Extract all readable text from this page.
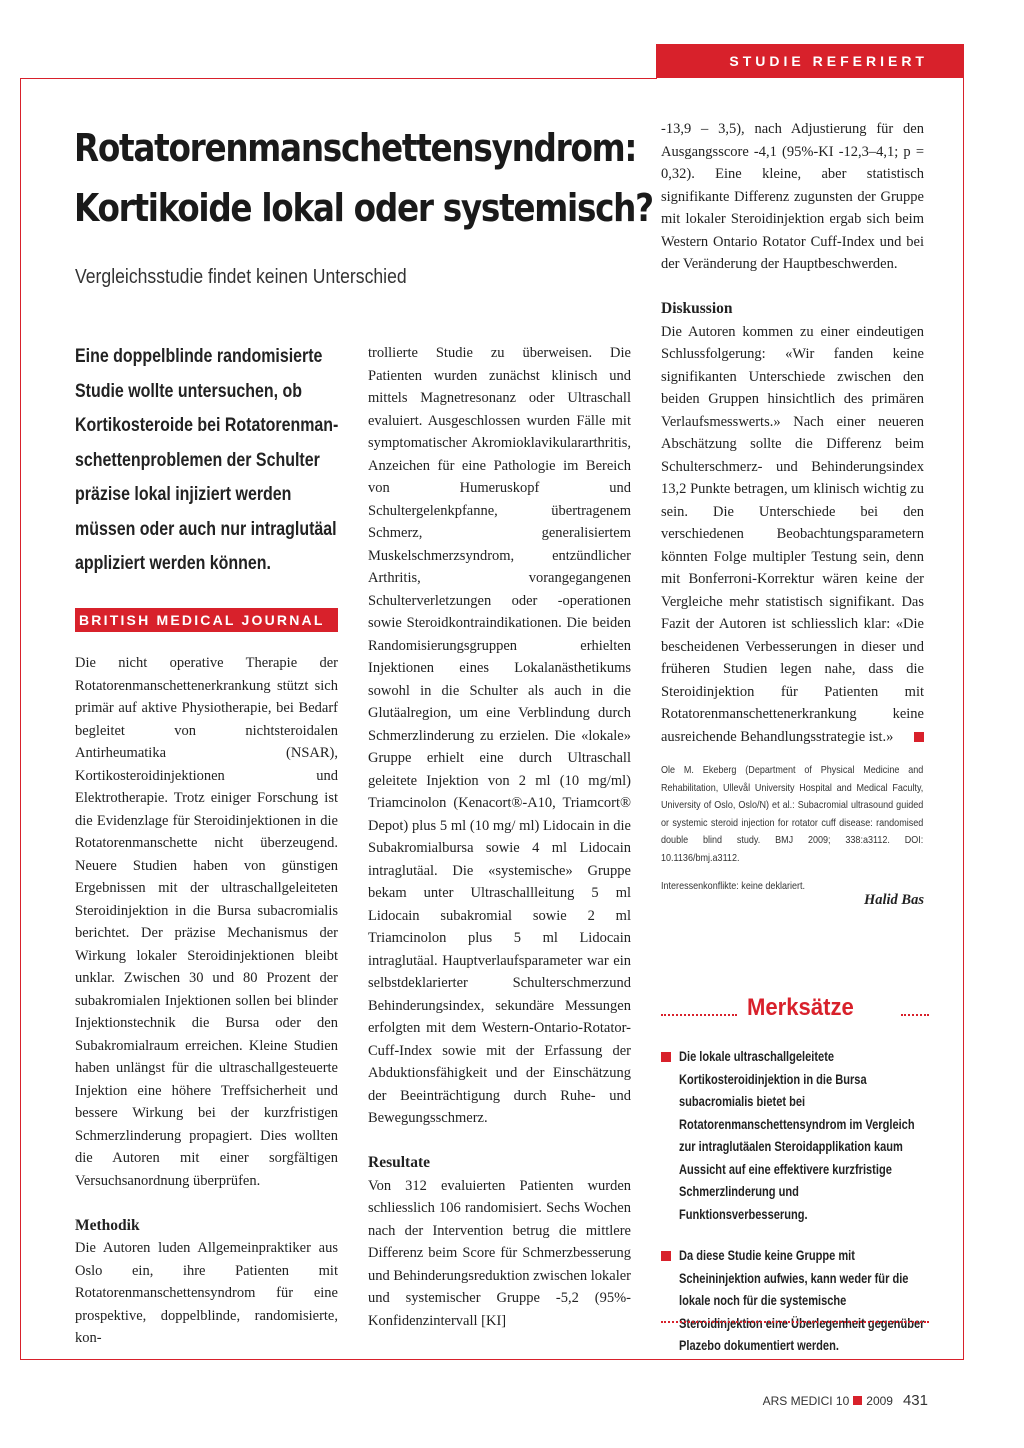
STUDIE REFERIERT
Rotatorenmanschettensyndrom:
Kortikoide lokal oder systemisch?

Vergleichsstudie findet keinen Unterschied

Eine doppelblinde randomisierte
Studie wollte untersuchen, ob
Kortikosteroide bei Rotatorenman-
schettenproblemen der Schulter
präzise lokal injiziert werden
müssen oder auch nur intraglutäal
appliziert werden können.
BRITISH MEDICAL JOURNAL

Die nicht operative Therapie der Rotatorenmanschettenerkrankung stützt sich primär auf aktive Physiotherapie, bei Bedarf begleitet von nichtsteroidalen Antirheumatika (NSAR), Kortikosteroidinjektionen und Elektrotherapie. Trotz einiger Forschung ist die Evidenzlage für Steroidinjektionen in die Rotatorenmanschette nicht überzeugend. Neuere Studien haben von günstigen Ergebnissen mit der ultraschallgeleiteten Steroidinjektion in die Bursa subacromialis berichtet. Der präzise Mechanismus der Wirkung lokaler Steroidinjektionen bleibt unklar. Zwischen 30 und 80 Prozent der subakromialen Injektionen sollen bei blinder Injektionstechnik die Bursa oder den Subakromialraum erreichen. Kleine Studien haben unlängst für die ultraschallgesteuerte Injektion eine höhere Treffsicherheit und bessere Wirkung bei der kurzfristigen Schmerzlinderung propagiert. Dies wollten die Autoren mit einer sorgfältigen Versuchsanordnung überprüfen.

Methodik

Die Autoren luden Allgemeinpraktiker aus Oslo ein, ihre Patienten mit Rotatorenmanschettensyndrom für eine prospektive, doppelblinde, randomisierte, kon-

trollierte Studie zu überweisen. Die Patienten wurden zunächst klinisch und mittels Magnetresonanz oder Ultraschall evaluiert. Ausgeschlossen wurden Fälle mit symptomatischer Akromioklavikulararthritis, Anzeichen für eine Pathologie im Bereich von Humeruskopf und Schultergelenkpfanne, übertragenem Schmerz, generalisiertem Muskelschmerzsyndrom, entzündlicher Arthritis, vorangegangenen Schulterverletzungen oder -operationen sowie Steroidkontraindikationen. Die beiden Randomisierungsgruppen erhielten Injektionen eines Lokalanästhetikums sowohl in die Schulter als auch in die Glutäalregion, um eine Verblindung durch Schmerzlinderung zu erzielen. Die «lokale» Gruppe erhielt eine durch Ultraschall geleitete Injektion von 2 ml (10 mg/ml) Triamcinolon (Kenacort®-A10, Triamcort® Depot) plus 5 ml (10 mg/ ml) Lidocain in die Subakromialbursa sowie 4 ml Lidocain intraglutäal. Die «systemische» Gruppe bekam unter Ultraschallleitung 5 ml Lidocain subakromial sowie 2 ml Triamcinolon plus 5 ml Lidocain intraglutäal. Hauptverlaufsparameter war ein selbstdeklarierter Schulterschmerzund Behinderungsindex, sekundäre Messungen erfolgten mit dem Western-Ontario-Rotator-Cuff-Index sowie mit der Erfassung der Abduktionsfähigkeit und der Einschätzung der Beeinträchtigung durch Ruhe- und Bewegungsschmerz.

Resultate

Von 312 evaluierten Patienten wurden schliesslich 106 randomisiert. Sechs Wochen nach der Intervention betrug die mittlere Differenz beim Score für Schmerzbesserung und Behinderungsreduktion zwischen lokaler und systemischer Gruppe -5,2 (95%-Konfidenzintervall [KI]

-13,9 – 3,5), nach Adjustierung für den Ausgangsscore -4,1 (95%-KI -12,3–4,1; p = 0,32). Eine kleine, aber statistisch signifikante Differenz zugunsten der Gruppe mit lokaler Steroidinjektion ergab sich beim Western Ontario Rotator Cuff-Index und bei der Veränderung der Hauptbeschwerden.

Diskussion

Die Autoren kommen zu einer eindeutigen Schlussfolgerung: «Wir fanden keine signifikanten Unterschiede zwischen den beiden Gruppen hinsichtlich des primären Verlaufsmesswerts.» Nach einer neueren Abschätzung sollte die Differenz beim Schulterschmerz- und Behinderungsindex 13,2 Punkte betragen, um klinisch wichtig zu sein. Die Unterschiede bei den verschiedenen Beobachtungsparametern könnten Folge multipler Testung sein, denn mit Bonferroni-Korrektur wären keine der Vergleiche mehr statistisch signifikant. Das Fazit der Autoren ist schliesslich klar: «Die bescheidenen Verbesserungen in dieser und früheren Studien legen nahe, dass die Steroidinjektion für Patienten mit Rotatorenmanschettenerkrankung keine ausreichende Behandlungsstrategie ist.»

Ole M. Ekeberg (Department of Physical Medicine and Rehabilitation, Ullevål University Hospital and Medical Faculty, University of Oslo, Oslo/N) et al.: Subacromial ultrasound guided or systemic steroid injection for rotator cuff disease: randomised double blind study. BMJ 2009; 338:a3112. DOI: 10.1136/bmj.a3112.

Interessenkonflikte: keine deklariert.

Halid Bas

Merksätze
Die lokale ultraschallgeleitete Kortikosteroidinjektion in die Bursa subacromialis bietet bei Rotatorenmanschettensyndrom im Vergleich zur intraglutäalen Steroidapplikation kaum Aussicht auf eine effektivere kurzfristige Schmerzlinderung und Funktionsverbesserung.
Da diese Studie keine Gruppe mit Scheininjektion aufwies, kann weder für die lokale noch für die systemische Steroidinjektion eine Überlegenheit gegenüber Plazebo dokumentiert werden.
ARS MEDICI 10 2009 431
